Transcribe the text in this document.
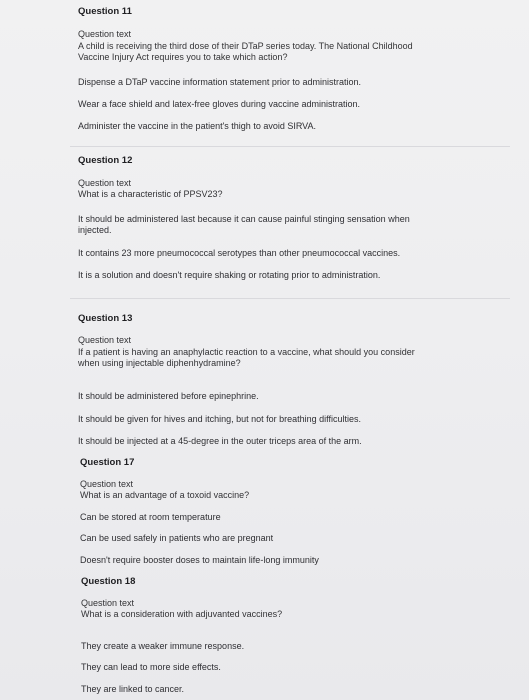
Question 11
Question text
A child is receiving the third dose of their DTaP series today. The National Childhood
Vaccine Injury Act requires you to take which action?
Dispense a DTaP vaccine information statement prior to administration.
Wear a face shield and latex-free gloves during vaccine administration.
Administer the vaccine in the patient's thigh to avoid SIRVA.
Question 12
Question text
What is a characteristic of PPSV23?
It should be administered last because it can cause painful stinging sensation when
injected.
It contains 23 more pneumococcal serotypes than other pneumococcal vaccines.
It is a solution and doesn't require shaking or rotating prior to administration.
Question 13
Question text
If a patient is having an anaphylactic reaction to a vaccine, what should you consider
when using injectable diphenhydramine?
It should be administered before epinephrine.
It should be given for hives and itching, but not for breathing difficulties.
It should be injected at a 45-degree in the outer triceps area of the arm.
Question 17
Question text
What is an advantage of a toxoid vaccine?
Can be stored at room temperature
Can be used safely in patients who are pregnant
Doesn't require booster doses to maintain life-long immunity
Question 18
Question text
What is a consideration with adjuvanted vaccines?
They create a weaker immune response.
They can lead to more side effects.
They are linked to cancer.
